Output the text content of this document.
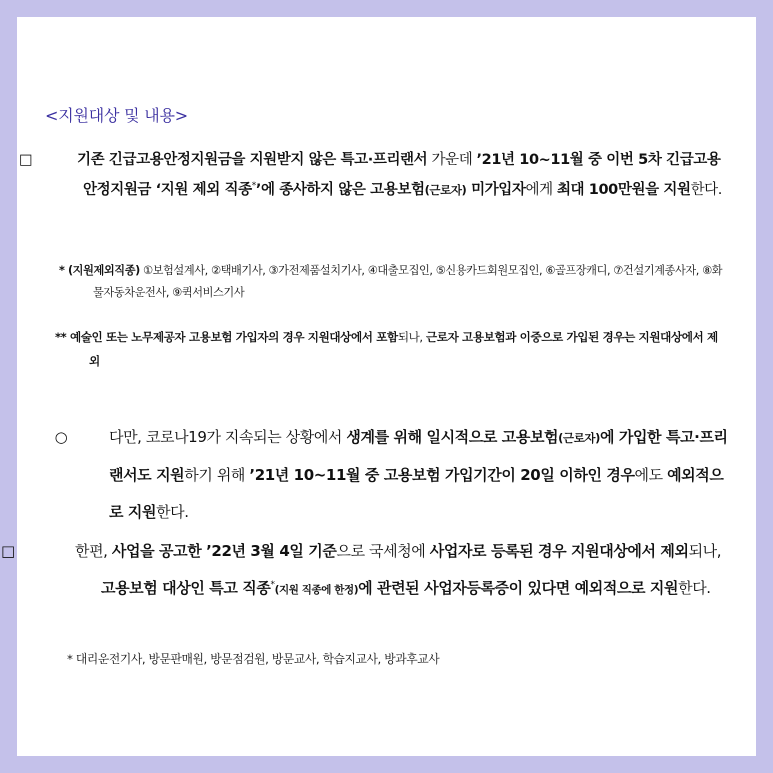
<지원대상 및 내용>
□	기존 긴급고용안정지원금을 지원받지 않은 특고·프리랜서 가운데 ’21년 10~11월 중 이번 5차 긴급고용안정지원금 ‘지원 제외 직종*’에 종사하지 않은 고용보험(근로자) 미가입자에게 최대 100만원을 지원한다.
* (지원제외직종) ①보험설계사, ②택배기사, ③가전제품설치기사, ④대출모집인, ⑤신용카드회원모집인, ⑥골프장캐디, ⑦건설기계종사자, ⑧화물자동차운전사, ⑨퀵서비스기사
** 예술인 또는 노무제공자 고용보험 가입자의 경우 지원대상에서 포함되나, 근로자 고용보험과 이중으로 가입된 경우는 지원대상에서 제외
○	다만, 코로나19가 지속되는 상황에서 생계를 위해 일시적으로 고용보험(근로자)에 가입한 특고·프리랜서도 지원하기 위해 ’21년 10~11월 중 고용보험 가입기간이 20일 이하인 경우에도 예외적으로 지원한다.
□	한편, 사업을 공고한 ’22년 3월 4일 기준으로 국세청에 사업자로 등록된 경우 지원대상에서 제외되나, 고용보험 대상인 특고 직종*(지원 직종에 한정)에 관련된 사업자등록증이 있다면 예외적으로 지원한다.
* 대리운전기사, 방문판매원, 방문점검원, 방문교사, 학습지교사, 방과후교사
